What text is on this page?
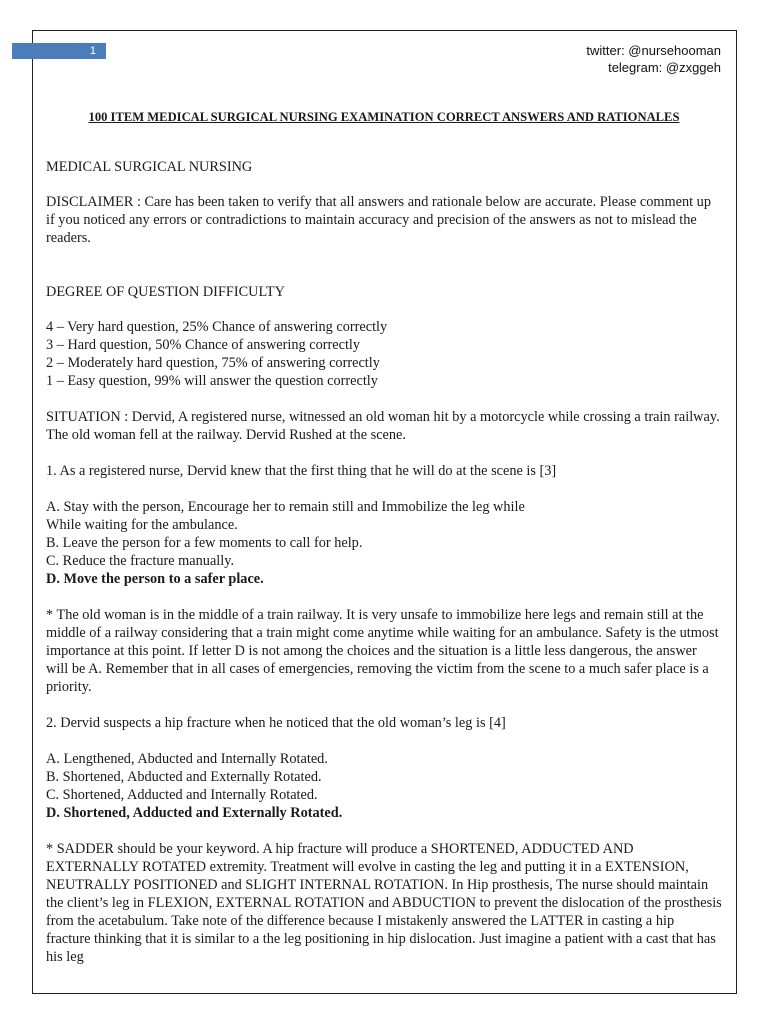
1	twitter: @nursehooman
telegram: @zxggeh

100 ITEM MEDICAL SURGICAL NURSING EXAMINATION CORRECT ANSWERS AND RATIONALES

MEDICAL SURGICAL NURSING

DISCLAIMER : Care has been taken to verify that all answers and rationale below are accurate. Please comment up if you noticed any errors or contradictions to maintain accuracy and precision of the answers as not to mislead the readers.

DEGREE OF QUESTION DIFFICULTY

4 – Very hard question, 25% Chance of answering correctly

3 – Hard question, 50% Chance of answering correctly

2 – Moderately hard question, 75% of answering correctly

1 – Easy question, 99% will answer the question correctly

SITUATION : Dervid, A registered nurse, witnessed an old woman hit by a motorcycle while crossing a train railway. The old woman fell at the railway. Dervid Rushed at the scene.

1. As a registered nurse, Dervid knew that the first thing that he will do at the scene is [3]

A. Stay with the person, Encourage her to remain still and Immobilize the leg while

While waiting for the ambulance.

B. Leave the person for a few moments to call for help.

C. Reduce the fracture manually.

D. Move the person to a safer place.

* The old woman is in the middle of a train railway. It is very unsafe to immobilize here legs and remain still at the middle of a railway considering that a train might come anytime while waiting for an ambulance. Safety is the utmost importance at this point. If letter D is not among the choices and the situation is a little less dangerous, the answer will be A. Remember that in all cases of emergencies, removing the victim from the scene to a much safer place is a priority.

2. Dervid suspects a hip fracture when he noticed that the old woman’s leg is [4]

A. Lengthened, Abducted and Internally Rotated.

B. Shortened, Abducted and Externally Rotated.

C. Shortened, Adducted and Internally Rotated.

D. Shortened, Adducted and Externally Rotated.

* SADDER should be your keyword. A hip fracture will produce a SHORTENED, ADDUCTED AND EXTERNALLY ROTATED extremity. Treatment will evolve in casting the leg and putting it in a EXTENSION, NEUTRALLY POSITIONED and SLIGHT INTERNAL ROTATION. In Hip prosthesis, The nurse should maintain the client’s leg in FLEXION, EXTERNAL ROTATION and ABDUCTION to prevent the dislocation of the prosthesis from the acetabulum. Take note of the difference because I mistakenly answered the LATTER in casting a hip fracture thinking that it is similar to a the leg positioning in hip dislocation. Just imagine a patient with a cast that has his leg
